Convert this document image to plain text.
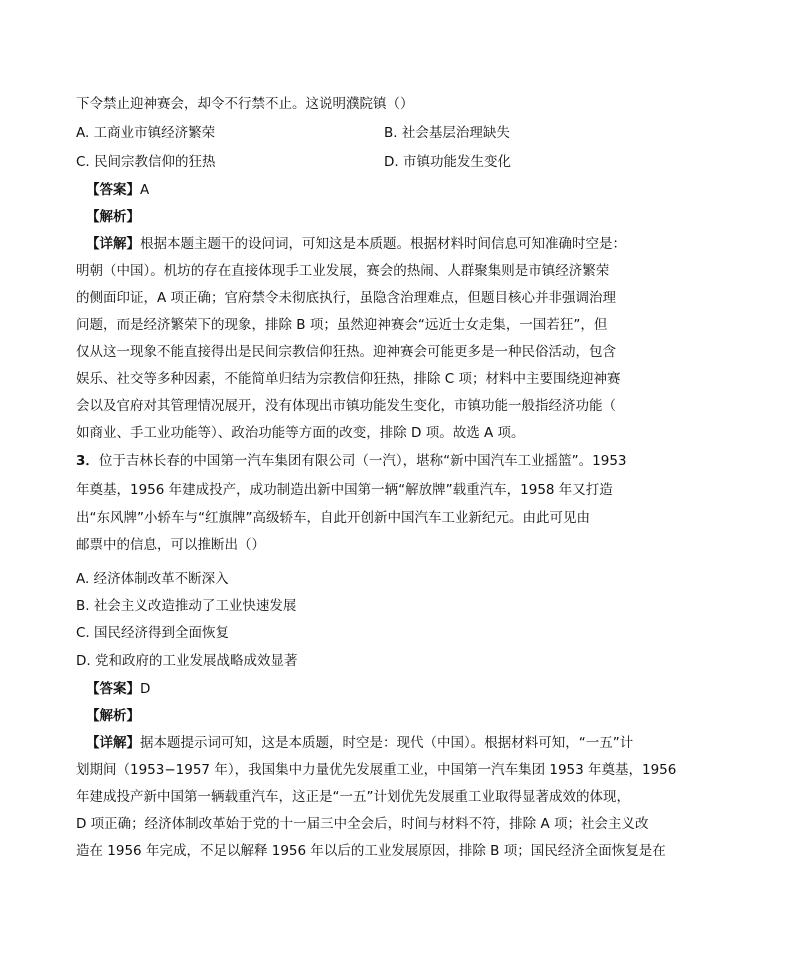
下令禁止迎神赛会，却令不行禁不止。这说明濮院镇（）
A. 工商业市镇经济繁荣	B. 社会基层治理缺失
C. 民间宗教信仰的狂热	D. 市镇功能发生变化
【答案】A
【解析】
【详解】根据本题主题干的设问词，可知这是本质题。根据材料时间信息可知准确时空是：
明朝（中国）。机坊的存在直接体现手工业发展，赛会的热闹、人群聚集则是市镇经济繁荣
的侧面印证，A 项正确；官府禁令未彻底执行，虽隐含治理难点，但题目核心并非强调治理
问题，而是经济繁荣下的现象，排除 B 项；虽然迎神赛会“远近士女走集，一国若狂”，但
仅从这一现象不能直接得出是民间宗教信仰狂热。迎神赛会可能更多是一种民俗活动，包含
娱乐、社交等多种因素，不能简单归结为宗教信仰狂热，排除 C 项；材料中主要围绕迎神赛
会以及官府对其管理情况展开，没有体现出市镇功能发生变化，市镇功能一般指经济功能（
如商业、手工业功能等）、政治功能等方面的改变，排除 D 项。故选 A 项。
3．位于吉林长春的中国第一汽车集团有限公司（一汽），堪称“新中国汽车工业摇篮”。1953
年奠基，1956 年建成投产，成功制造出新中国第一辆“解放牌”载重汽车，1958 年又打造
出“东风牌”小轿车与“红旗牌”高级轿车，自此开创新中国汽车工业新纪元。由此可见由
邮票中的信息，可以推断出（）
A. 经济体制改革不断深入
B. 社会主义改造推动了工业快速发展
C. 国民经济得到全面恢复
D. 党和政府的工业发展战略成效显著
【答案】D
【解析】
【详解】据本题提示词可知，这是本质题，时空是：现代（中国）。根据材料可知，“一五”计
划期间（1953−1957 年），我国集中力量优先发展重工业，中国第一汽车集团 1953 年奠基，1956
年建成投产新中国第一辆载重汽车，这正是“一五”计划优先发展重工业取得显著成效的体现，
D 项正确；经济体制改革始于党的十一届三中全会后，时间与材料不符，排除 A 项；社会主义改
造在 1956 年完成，不足以解释 1956 年以后的工业发展原因，排除 B 项；国民经济全面恢复是在
